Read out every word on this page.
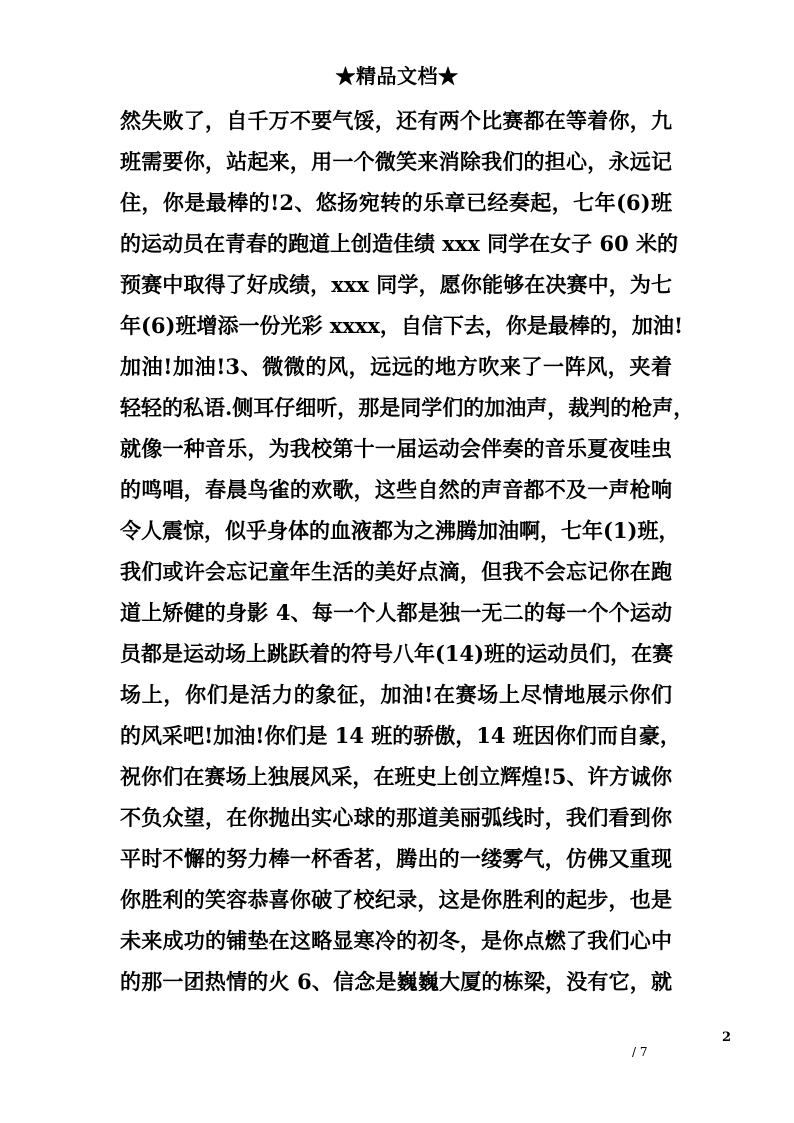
★精品文档★
然失败了，自千万不要气馁，还有两个比赛都在等着你，九
班需要你，站起来，用一个微笑来消除我们的担心，永远记
住，你是最棒的!2、悠扬宛转的乐章已经奏起，七年(6)班
的运动员在青春的跑道上创造佳绩 xxx 同学在女子 60 米的
预赛中取得了好成绩，xxx 同学，愿你能够在决赛中，为七
年(6)班增添一份光彩 xxxx，自信下去，你是最棒的，加油!
加油!加油!3、微微的风，远远的地方吹来了一阵风，夹着
轻轻的私语.侧耳仔细听，那是同学们的加油声，裁判的枪声，
就像一种音乐，为我校第十一届运动会伴奏的音乐夏夜哇虫
的鸣唱，春晨鸟雀的欢歌，这些自然的声音都不及一声枪响
令人震惊，似乎身体的血液都为之沸腾加油啊，七年(1)班，
我们或许会忘记童年生活的美好点滴，但我不会忘记你在跑
道上矫健的身影 4、每一个人都是独一无二的每一个个运动
员都是运动场上跳跃着的符号八年(14)班的运动员们，在赛
场上，你们是活力的象征，加油!在赛场上尽情地展示你们
的风采吧!加油!你们是 14 班的骄傲，14 班因你们而自豪，
祝你们在赛场上独展风采，在班史上创立辉煌!5、许方诚你
不负众望，在你抛出实心球的那道美丽弧线时，我们看到你
平时不懈的努力棒一杯香茗，腾出的一缕雾气，仿佛又重现
你胜利的笑容恭喜你破了校纪录，这是你胜利的起步，也是
未来成功的铺垫在这略显寒冷的初冬，是你点燃了我们心中
的那一团热情的火 6、信念是巍巍大厦的栋梁，没有它，就
2
/ 7
